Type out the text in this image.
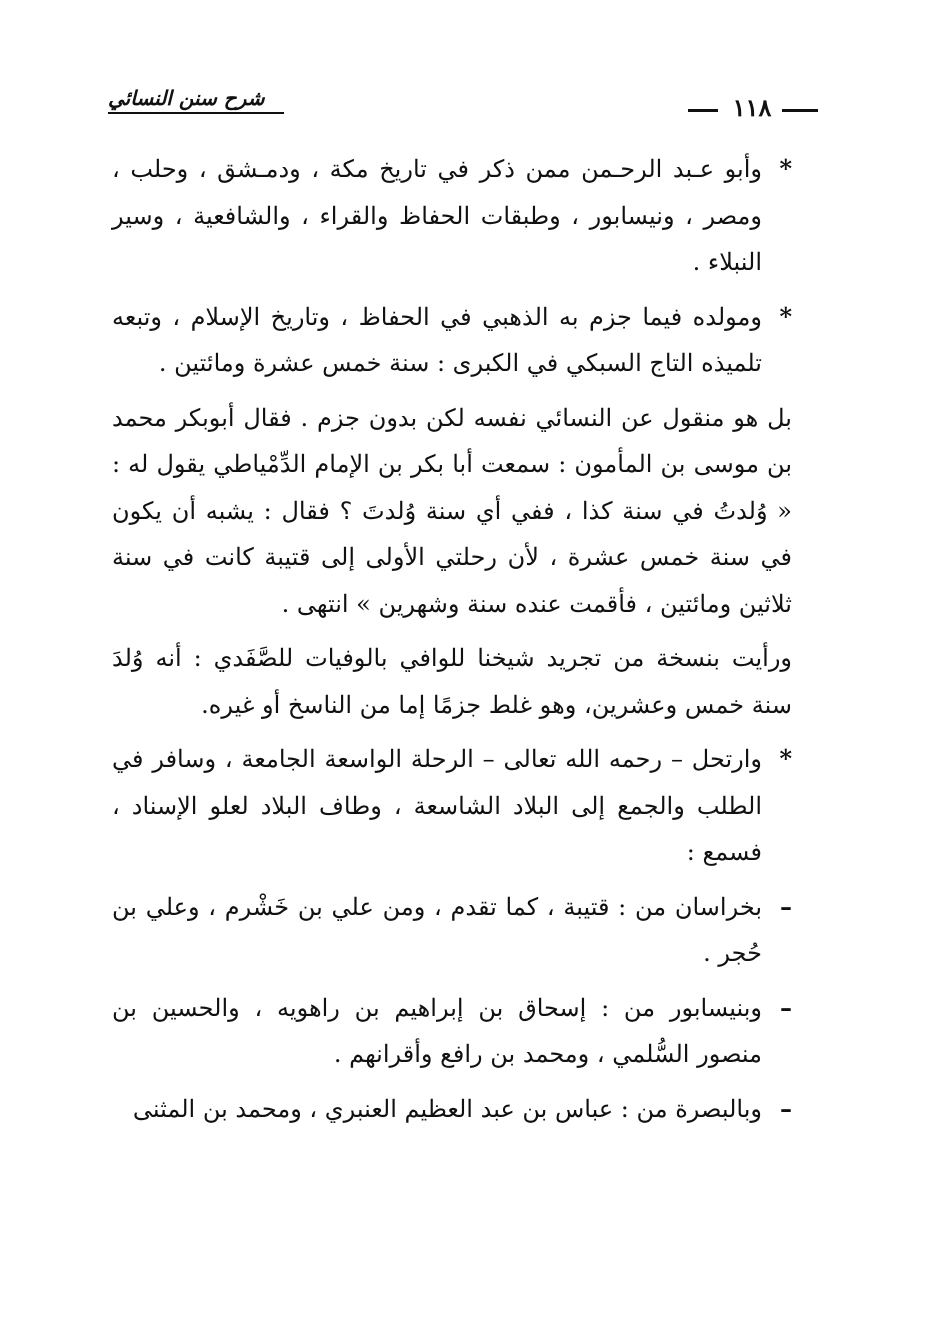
شرح سنن النسائي	١١٨

*
وأبو عـبد الرحـمن ممن ذكر في تاريخ مكة ، ودمـشق ، وحلب ، ومصر ، ونيسابور ، وطبقات الحفاظ والقراء ، والشافعية ، وسير النبلاء .

*
ومولده فيما جزم به الذهبي في الحفاظ ، وتاريخ الإسلام ، وتبعه تلميذه التاج السبكي في الكبرى : سنة خمس عشرة ومائتين .

بل هو منقول عن النسائي نفسه لكن بدون جزم . فقال أبوبكر محمد بن موسى بن المأمون : سمعت أبا بكر بن الإمام الدِّمْياطي يقول له : « وُلدتُ في سنة كذا ، ففي أي سنة وُلدتَ ؟ فقال : يشبه أن يكون في سنة خمس عشرة ، لأن رحلتي الأولى إلى قتيبة كانت في سنة ثلاثين ومائتين ، فأقمت عنده سنة وشهرين » انتهى .

ورأيت بنسخة من تجريد شيخنا للوافي بالوفيات للصَّفَدي : أنه وُلدَ سنة خمس وعشرين، وهو غلط جزمًا إما من الناسخ أو غيره.

*
وارتحل – رحمه الله تعالى – الرحلة الواسعة الجامعة ، وسافر في الطلب والجمع إلى البلاد الشاسعة ، وطاف البلاد لعلو الإسناد ، فسمع :

–
بخراسان من : قتيبة ، كما تقدم ، ومن علي بن خَشْرم ، وعلي بن حُجر .

–
وبنيسابور من : إسحاق بن إبراهيم بن راهويه ، والحسين بن منصور السُّلمي ، ومحمد بن رافع وأقرانهم .

–
وبالبصرة من : عباس بن عبد العظيم العنبري ، ومحمد بن المثنى
